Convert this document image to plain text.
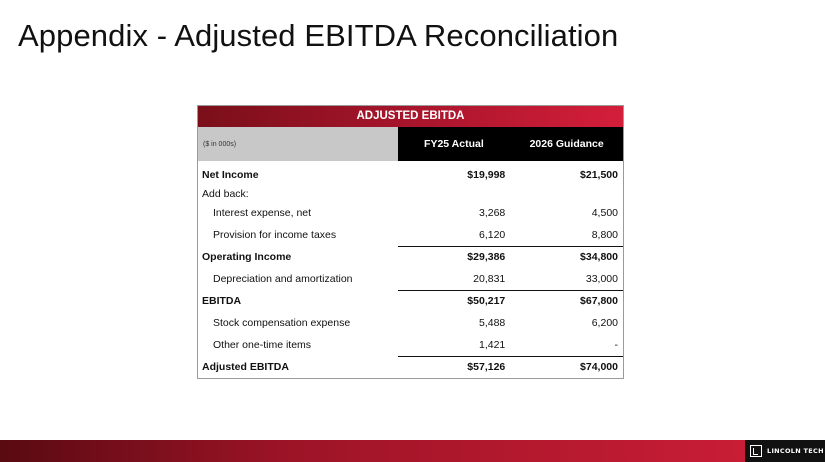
Appendix - Adjusted EBITDA Reconciliation
ADJUSTED EBITDA
($ in 000s)	FY25 Actual	2026 Guidance
Net Income	$19,998	$21,500
Add back:
Interest expense, net	3,268	4,500
Provision for income taxes	6,120	8,800
Operating Income	$29,386	$34,800
Depreciation and amortization	20,831	33,000
EBITDA	$50,217	$67,800
Stock compensation expense	5,488	6,200
Other one-time items	1,421	-
Adjusted EBITDA	$57,126	$74,000
LINCOLN TECH
